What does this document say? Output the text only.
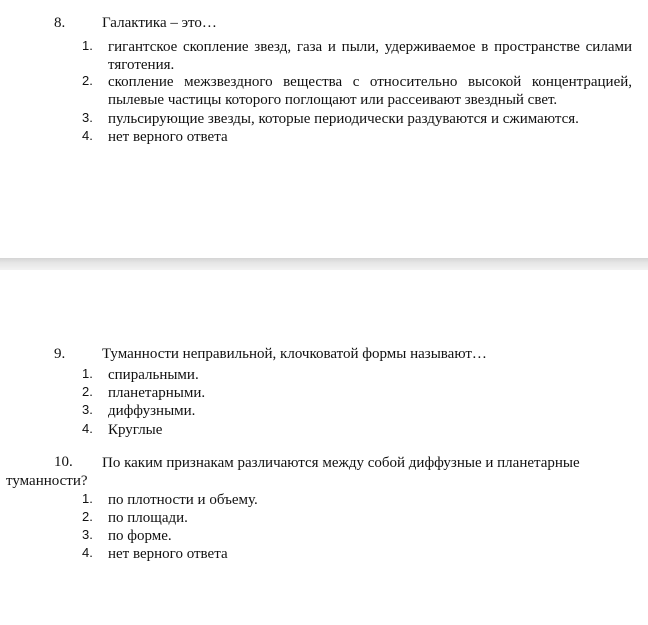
8. Галактика – это…
1. гигантское скопление звезд, газа и пыли, удерживаемое в пространстве силами тяготения.
2. скопление межзвездного вещества с относительно высокой концентрацией, пылевые частицы которого поглощают или рассеивают звездный свет.
3. пульсирующие звезды, которые периодически раздуваются и сжимаются.
4. нет верного ответа
9. Туманности неправильной, клочковатой формы называют…
1. спиральными.
2. планетарными.
3. диффузными.
4. Круглые
10.	По каким признакам различаются между собой диффузные и планетарные туманности?
1. по плотности и объему.
2. по площади.
3. по форме.
4. нет верного ответа
